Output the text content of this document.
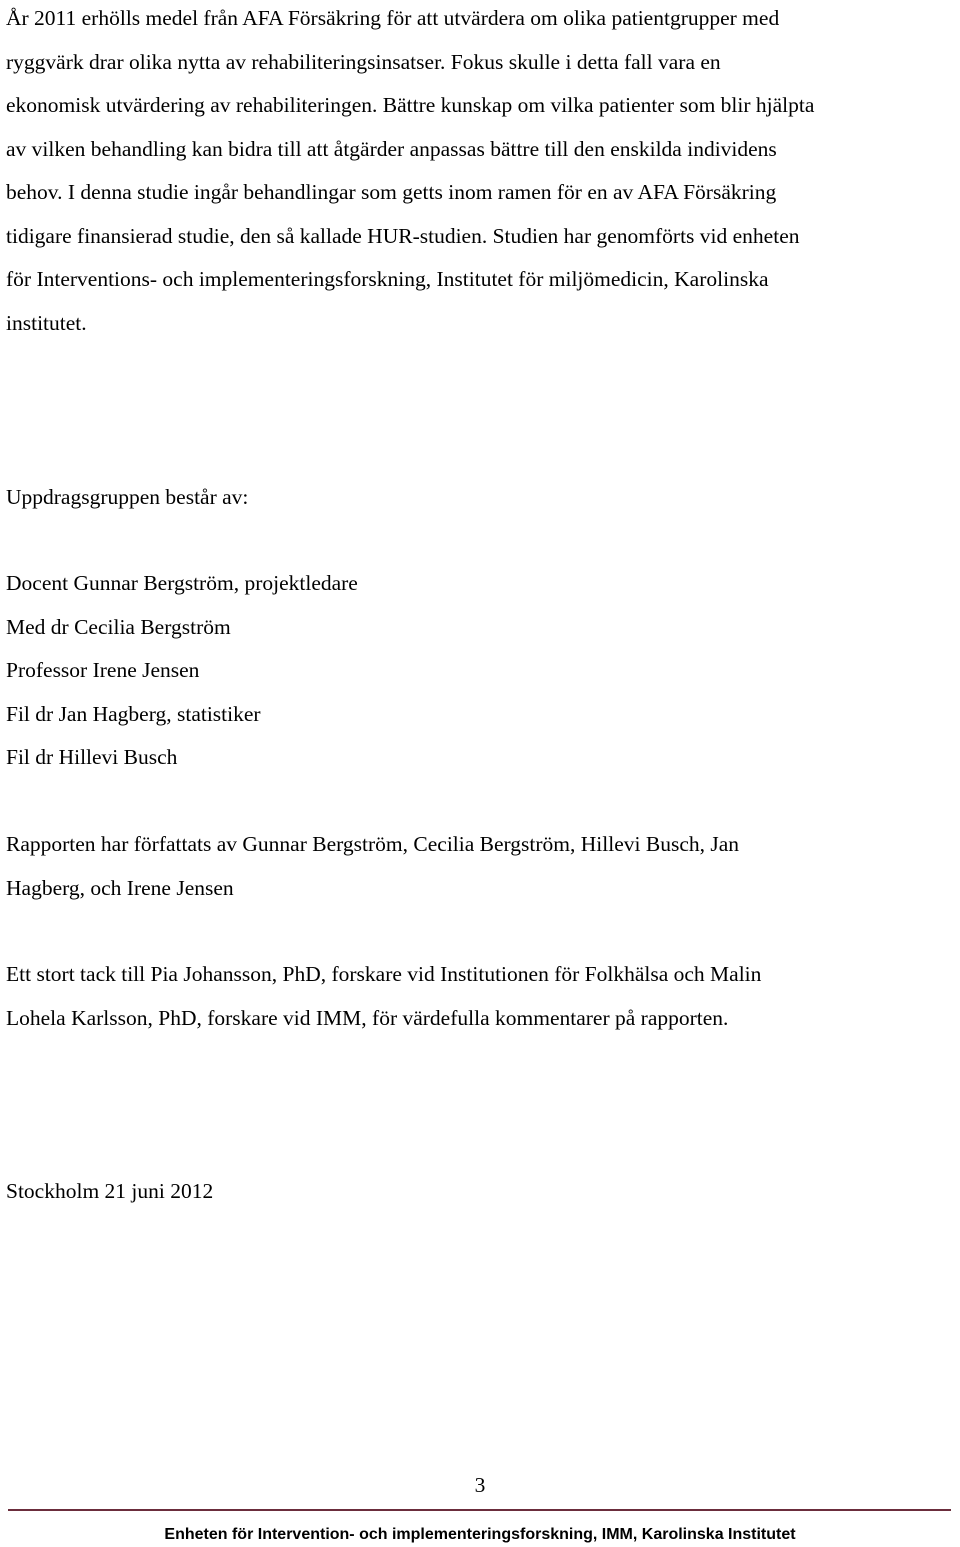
År 2011 erhölls medel från AFA Försäkring för att utvärdera om olika patientgrupper med
ryggvärk drar olika nytta av rehabiliteringsinsatser. Fokus skulle i detta fall vara en
ekonomisk utvärdering av rehabiliteringen. Bättre kunskap om vilka patienter som blir hjälpta
av vilken behandling kan bidra till att åtgärder anpassas bättre till den enskilda individens
behov. I denna studie ingår behandlingar som getts inom ramen för en av AFA Försäkring
tidigare finansierad studie, den så kallade HUR-studien. Studien har genomförts vid enheten
för Interventions- och implementeringsforskning, Institutet för miljömedicin, Karolinska
institutet.

Uppdragsgruppen består av:

Docent Gunnar Bergström, projektledare
Med dr Cecilia Bergström
Professor Irene Jensen
Fil dr Jan Hagberg, statistiker
Fil dr Hillevi Busch

Rapporten har författats av Gunnar Bergström, Cecilia Bergström, Hillevi Busch, Jan
Hagberg, och Irene Jensen

Ett stort tack till Pia Johansson, PhD, forskare vid Institutionen för Folkhälsa och Malin
Lohela Karlsson, PhD, forskare vid IMM, för värdefulla kommentarer på rapporten.

Stockholm 21 juni 2012

3
Enheten för Intervention- och implementeringsforskning, IMM, Karolinska Institutet
